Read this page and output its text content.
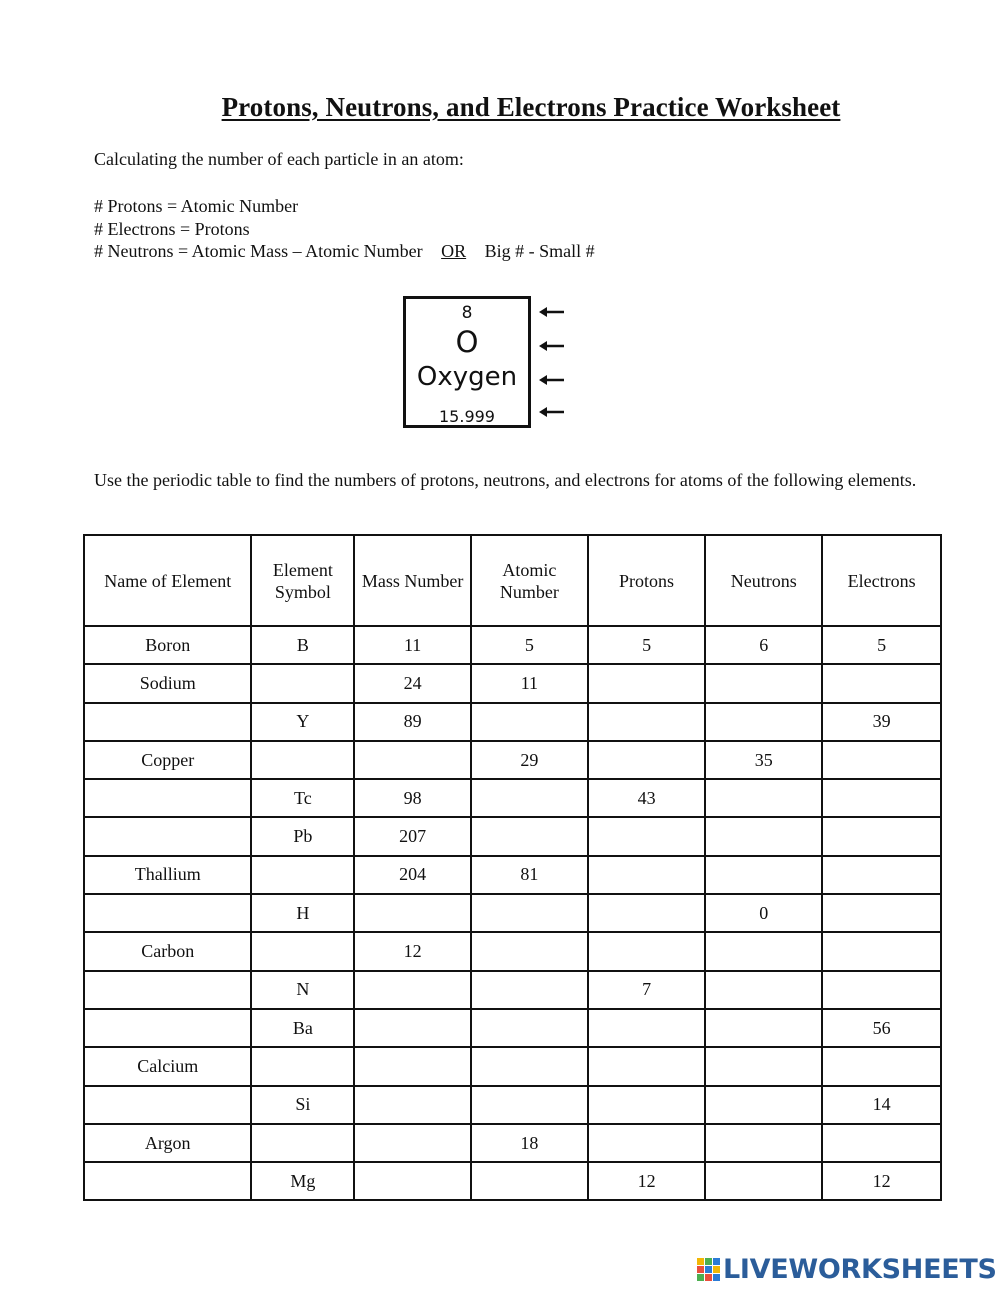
Protons, Neutrons, and Electrons Practice Worksheet
Calculating the number of each particle in an atom:
# Protons = Atomic Number
# Electrons = Protons
# Neutrons = Atomic Mass – Atomic Number OR Big # - Small #
8
O
Oxygen
15.999
Use the periodic table to find the numbers of protons, neutrons, and electrons for atoms of the following elements.
Name of Element	Element Symbol	Mass Number	Atomic Number	Protons	Neutrons	Electrons
Boron	B	11	5	5	6	5
Sodium		24	11			
	Y	89				39
Copper			29		35	
	Tc	98		43		
	Pb	207				
Thallium		204	81			
	H				0	
Carbon		12				
	N			7		
	Ba					56
Calcium						
	Si					14
Argon			18			
	Mg			12		12
LIVEWORKSHEETS
